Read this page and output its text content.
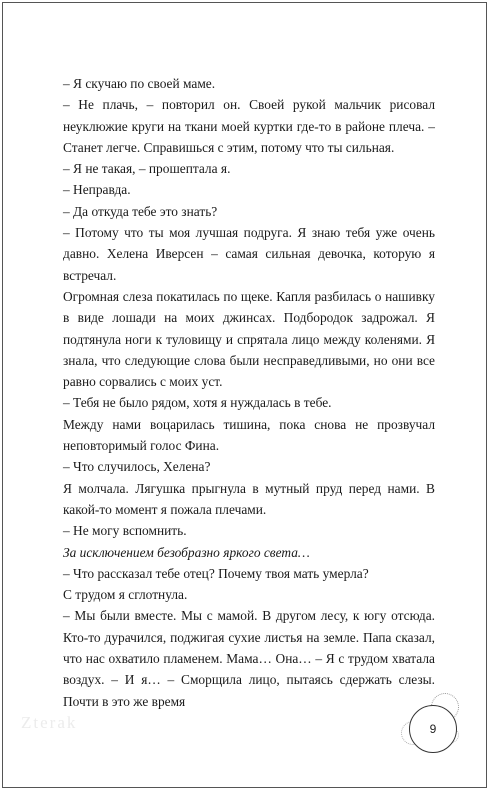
– Я скучаю по своей маме.

– Не плачь, – повторил он. Своей рукой мальчик рисовал неуклюжие круги на ткани моей куртки где-то в районе плеча. – Станет легче. Справишься с этим, потому что ты сильная.

– Я не такая, – прошептала я.

– Неправда.

– Да откуда тебе это знать?

– Потому что ты моя лучшая подруга. Я знаю тебя уже очень давно. Хелена Иверсен – самая сильная девочка, которую я встречал.

Огромная слеза покатилась по щеке. Капля разбилась о нашивку в виде лошади на моих джинсах. Подбородок задрожал. Я подтянула ноги к туловищу и спрятала лицо между коленями. Я знала, что следующие слова были несправедливыми, но они все равно сорвались с моих уст.

– Тебя не было рядом, хотя я нуждалась в тебе.

Между нами воцарилась тишина, пока снова не прозвучал неповторимый голос Фина.

– Что случилось, Хелена?

Я молчала. Лягушка прыгнула в мутный пруд перед нами. В какой-то момент я пожала плечами.

– Не могу вспомнить.

За исключением безобразно яркого света…

– Что рассказал тебе отец? Почему твоя мать умерла?

С трудом я сглотнула.

– Мы были вместе. Мы с мамой. В другом лесу, к югу отсюда. Кто-то дурачился, поджигая сухие листья на земле. Папа сказал, что нас охватило пламенем. Мама… Она… – Я с трудом хватала воздух. – И я… – Сморщила лицо, пытаясь сдержать слезы. Почти в это же время

Zterak	9
